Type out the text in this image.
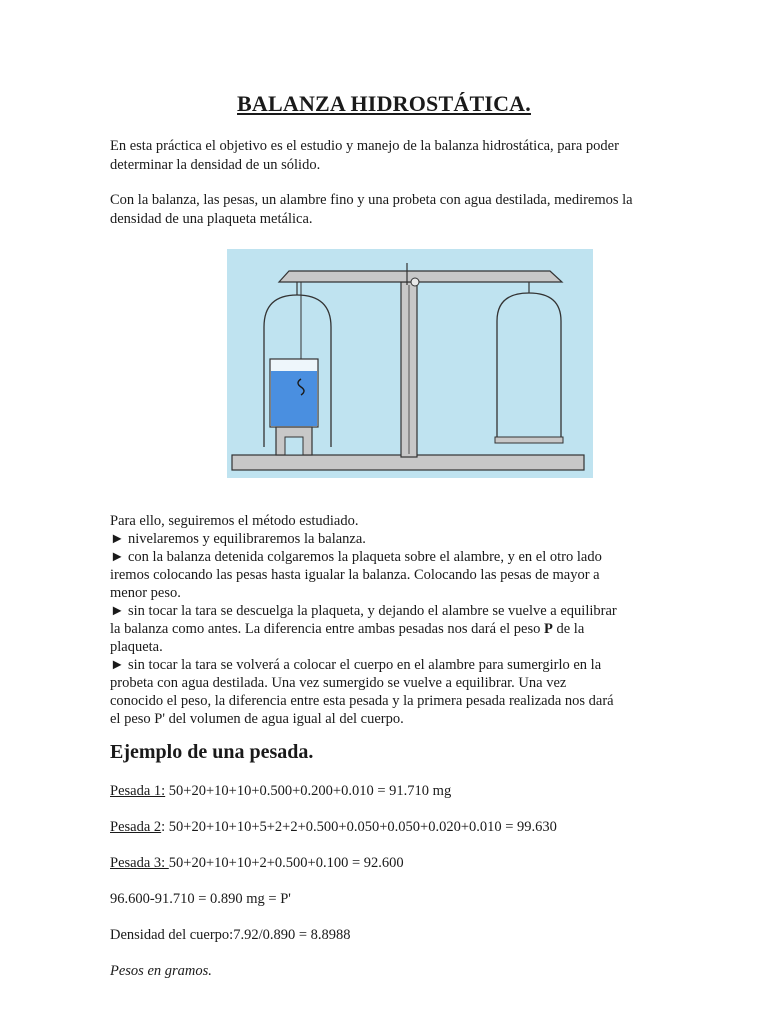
BALANZA HIDROSTÁTICA.

En esta práctica el objetivo es el estudio y manejo de la balanza hidrostática, para poder determinar la densidad de un sólido.

Con la balanza, las pesas, un alambre fino y una probeta con agua destilada, mediremos la densidad de una plaqueta metálica.

Para ello, seguiremos el método estudiado.
► nivelaremos y equilibraremos la balanza.
► con la balanza detenida colgaremos la plaqueta sobre el alambre, y en el otro lado
iremos colocando las pesas hasta igualar la balanza. Colocando las pesas de mayor a
menor peso.
► sin tocar la tara se descuelga la plaqueta, y dejando el alambre se vuelve a equilibrar
la balanza como antes. La diferencia entre ambas pesadas nos dará el peso P de la
plaqueta.
► sin tocar la tara se volverá a colocar el cuerpo en el alambre para sumergirlo en la
probeta con agua destilada. Una vez sumergido se vuelve a equilibrar. Una vez
conocido el peso, la diferencia entre esta pesada y la primera pesada realizada nos dará
el peso P' del volumen de agua igual al del cuerpo.
Ejemplo de una pesada.

Pesada 1: 50+20+10+10+0.500+0.200+0.010 = 91.710 mg

Pesada 2: 50+20+10+10+5+2+2+0.500+0.050+0.050+0.020+0.010 = 99.630

Pesada 3: 50+20+10+10+2+0.500+0.100 = 92.600

96.600-91.710 = 0.890 mg = P'

Densidad del cuerpo:7.92/0.890 = 8.8988

Pesos en gramos.
